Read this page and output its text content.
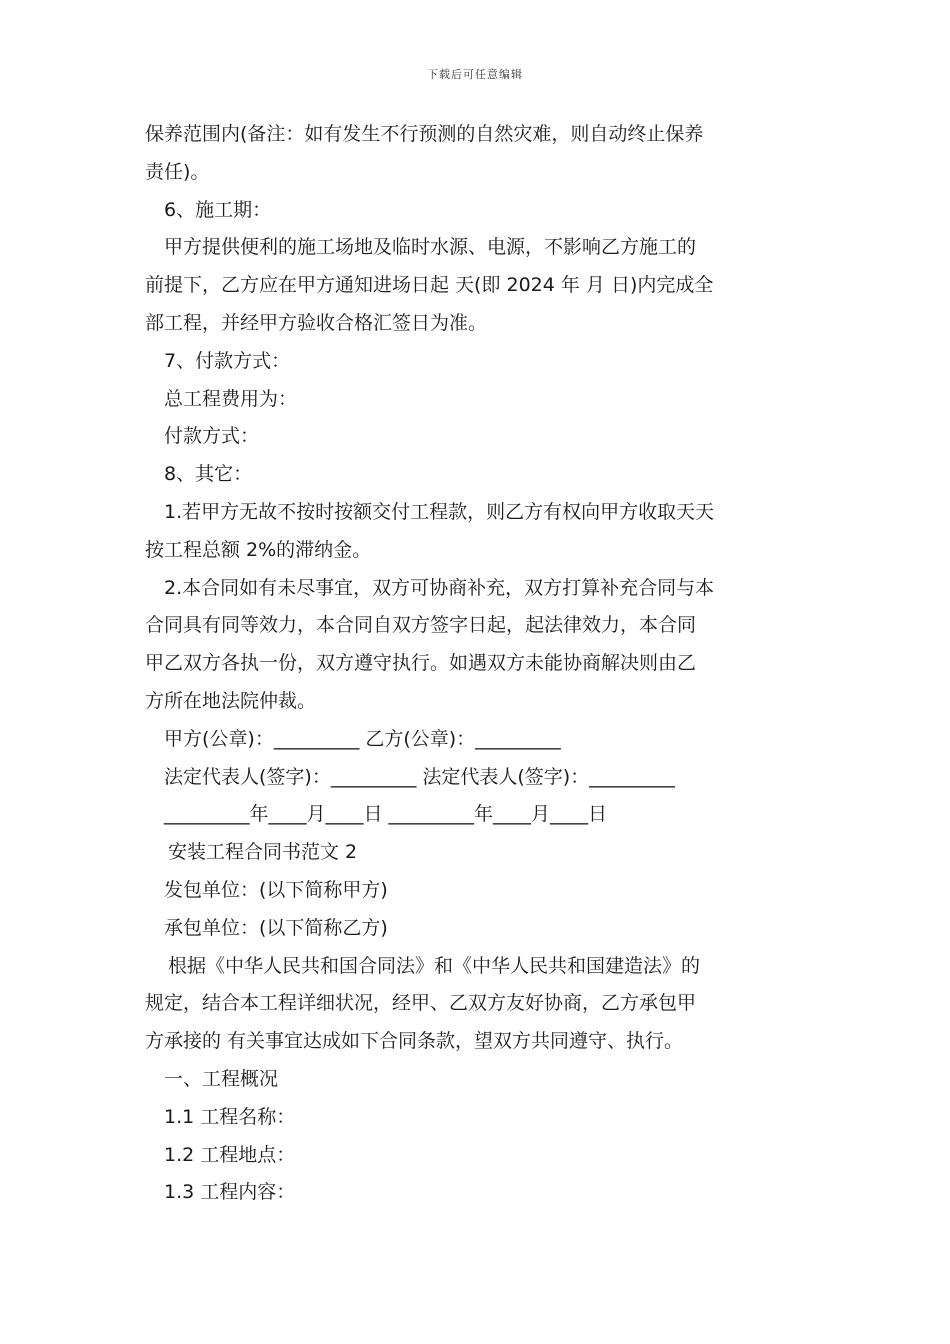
下载后可任意编辑

保养范围内(备注：如有发生不行预测的自然灾难，则自动终止保养

责任)。

6、施工期：

甲方提供便利的施工场地及临时水源、电源，不影响乙方施工的

前提下，乙方应在甲方通知进场日起 天(即 2024 年 月 日)内完成全

部工程，并经甲方验收合格汇签日为准。

7、付款方式：

总工程费用为：

付款方式：

8、其它：

1.若甲方无故不按时按额交付工程款，则乙方有权向甲方收取天天

按工程总额 2%的滞纳金。

2.本合同如有未尽事宜，双方可协商补充，双方打算补充合同与本

合同具有同等效力，本合同自双方签字日起，起法律效力，本合同

甲乙双方各执一份，双方遵守执行。如遇双方未能协商解决则由乙

方所在地法院仲裁。

甲方(公章)：_________ 乙方(公章)：_________

法定代表人(签字)：_________ 法定代表人(签字)：_________

_________年____月____日 _________年____月____日

安装工程合同书范文 2

发包单位：(以下简称甲方)

承包单位：(以下简称乙方)

根据《中华人民共和国合同法》和《中华人民共和国建造法》的

规定，结合本工程详细状况，经甲、乙双方友好协商，乙方承包甲

方承接的 有关事宜达成如下合同条款，望双方共同遵守、执行。

一、工程概况

1.1 工程名称：

1.2 工程地点：

1.3 工程内容：
